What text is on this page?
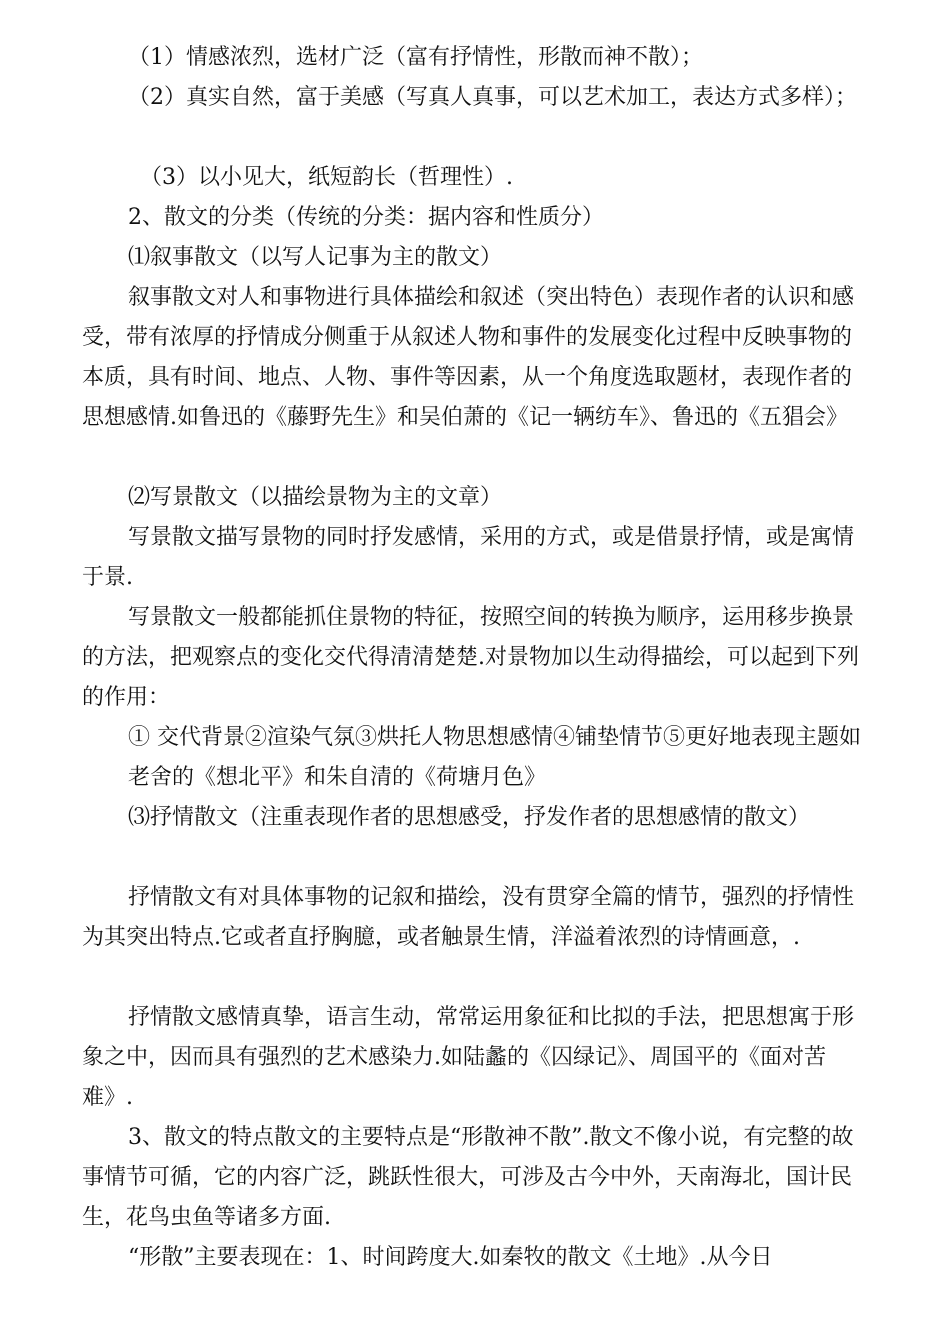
（1）情感浓烈，选材广泛（富有抒情性，形散而神不散）；

（2）真实自然，富于美感（写真人真事，可以艺术加工，表达方式多样）；

（3）以小见大，纸短韵长（哲理性）.

2、散文的分类（传统的分类：据内容和性质分）

⑴叙事散文（以写人记事为主的散文）

叙事散文对人和事物进行具体描绘和叙述（突出特色）表现作者的认识和感受，带有浓厚的抒情成分侧重于从叙述人物和事件的发展变化过程中反映事物的本质，具有时间、地点、人物、事件等因素，从一个角度选取题材，表现作者的思想感情.如鲁迅的《藤野先生》和吴伯萧的《记一辆纺车》、鲁迅的《五猖会》

⑵写景散文（以描绘景物为主的文章）

写景散文描写景物的同时抒发感情，采用的方式，或是借景抒情，或是寓情于景.

写景散文一般都能抓住景物的特征，按照空间的转换为顺序，运用移步换景的方法，把观察点的变化交代得清清楚楚.对景物加以生动得描绘，可以起到下列的作用：

① 交代背景②渲染气氛③烘托人物思想感情④铺垫情节⑤更好地表现主题如老舍的《想北平》和朱自清的《荷塘月色》

⑶抒情散文（注重表现作者的思想感受，抒发作者的思想感情的散文）

抒情散文有对具体事物的记叙和描绘，没有贯穿全篇的情节，强烈的抒情性为其突出特点.它或者直抒胸臆，或者触景生情，洋溢着浓烈的诗情画意，.

抒情散文感情真挚，语言生动，常常运用象征和比拟的手法，把思想寓于形象之中，因而具有强烈的艺术感染力.如陆蠡的《囚绿记》、周国平的《面对苦难》.

3、散文的特点散文的主要特点是“形散神不散”.散文不像小说，有完整的故事情节可循，它的内容广泛，跳跃性很大，可涉及古今中外，天南海北，国计民生，花鸟虫鱼等诸多方面.

“形散”主要表现在：1、时间跨度大.如秦牧的散文《土地》.从今日
